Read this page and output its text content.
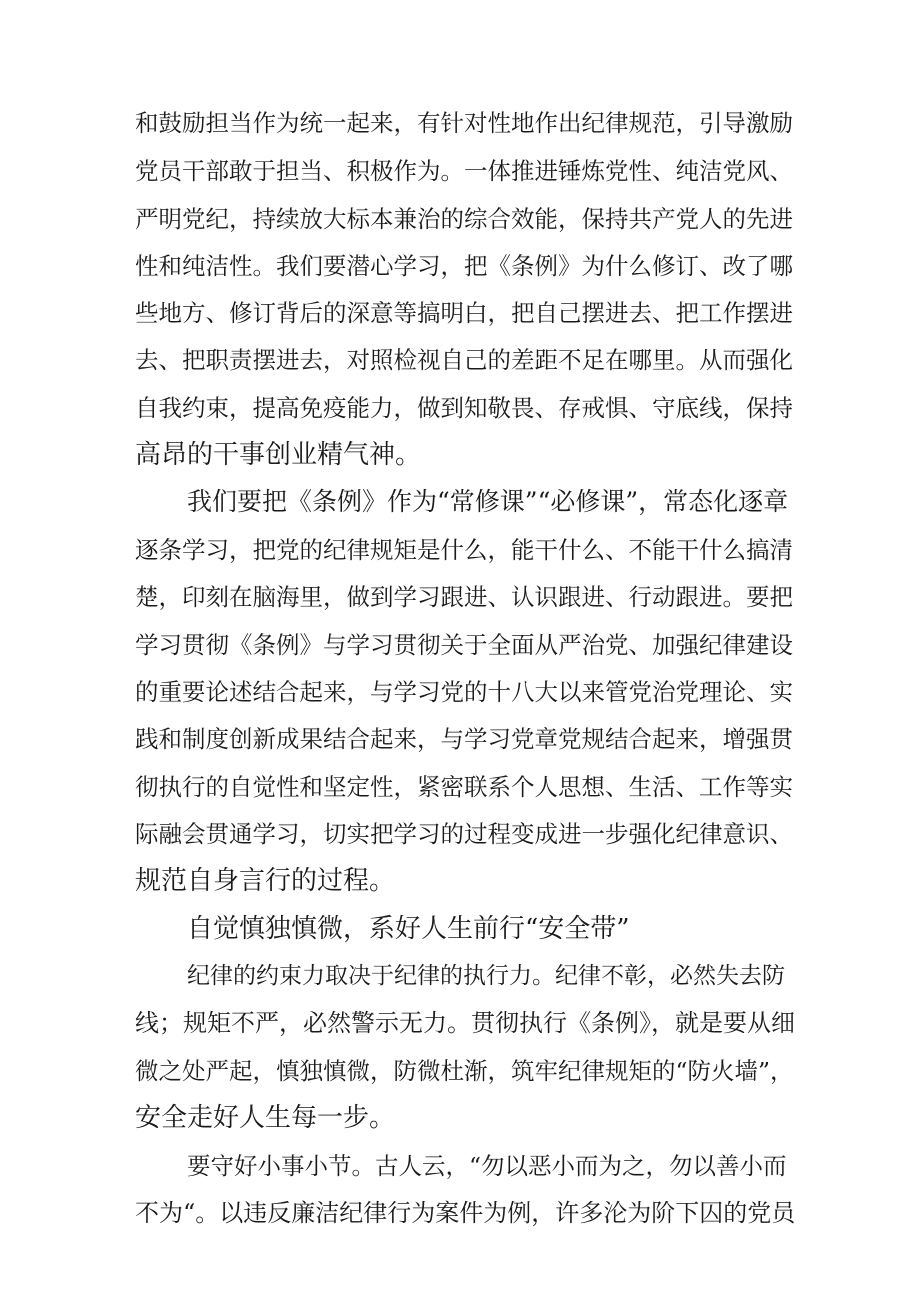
和鼓励担当作为统一起来，有针对性地作出纪律规范，引导激励
党员干部敢于担当、积极作为。一体推进锤炼党性、纯洁党风、
严明党纪，持续放大标本兼治的综合效能，保持共产党人的先进
性和纯洁性。我们要潜心学习，把《条例》为什么修订、改了哪
些地方、修订背后的深意等搞明白，把自己摆进去、把工作摆进
去、把职责摆进去，对照检视自己的差距不足在哪里。从而强化
自我约束，提高免疫能力，做到知敬畏、存戒惧、守底线，保持
高昂的干事创业精气神。
我们要把《条例》作为“常修课”“必修课”，常态化逐章
逐条学习，把党的纪律规矩是什么，能干什么、不能干什么搞清
楚，印刻在脑海里，做到学习跟进、认识跟进、行动跟进。要把
学习贯彻《条例》与学习贯彻关于全面从严治党、加强纪律建设
的重要论述结合起来，与学习党的十八大以来管党治党理论、实
践和制度创新成果结合起来，与学习党章党规结合起来，增强贯
彻执行的自觉性和坚定性，紧密联系个人思想、生活、工作等实
际融会贯通学习，切实把学习的过程变成进一步强化纪律意识、
规范自身言行的过程。
自觉慎独慎微，系好人生前行“安全带”
纪律的约束力取决于纪律的执行力。纪律不彰，必然失去防
线；规矩不严，必然警示无力。贯彻执行《条例》，就是要从细
微之处严起，慎独慎微，防微杜渐，筑牢纪律规矩的“防火墙”，
安全走好人生每一步。
要守好小事小节。古人云，“勿以恶小而为之，勿以善小而
不为“。以违反廉洁纪律行为案件为例，许多沦为阶下囚的党员
